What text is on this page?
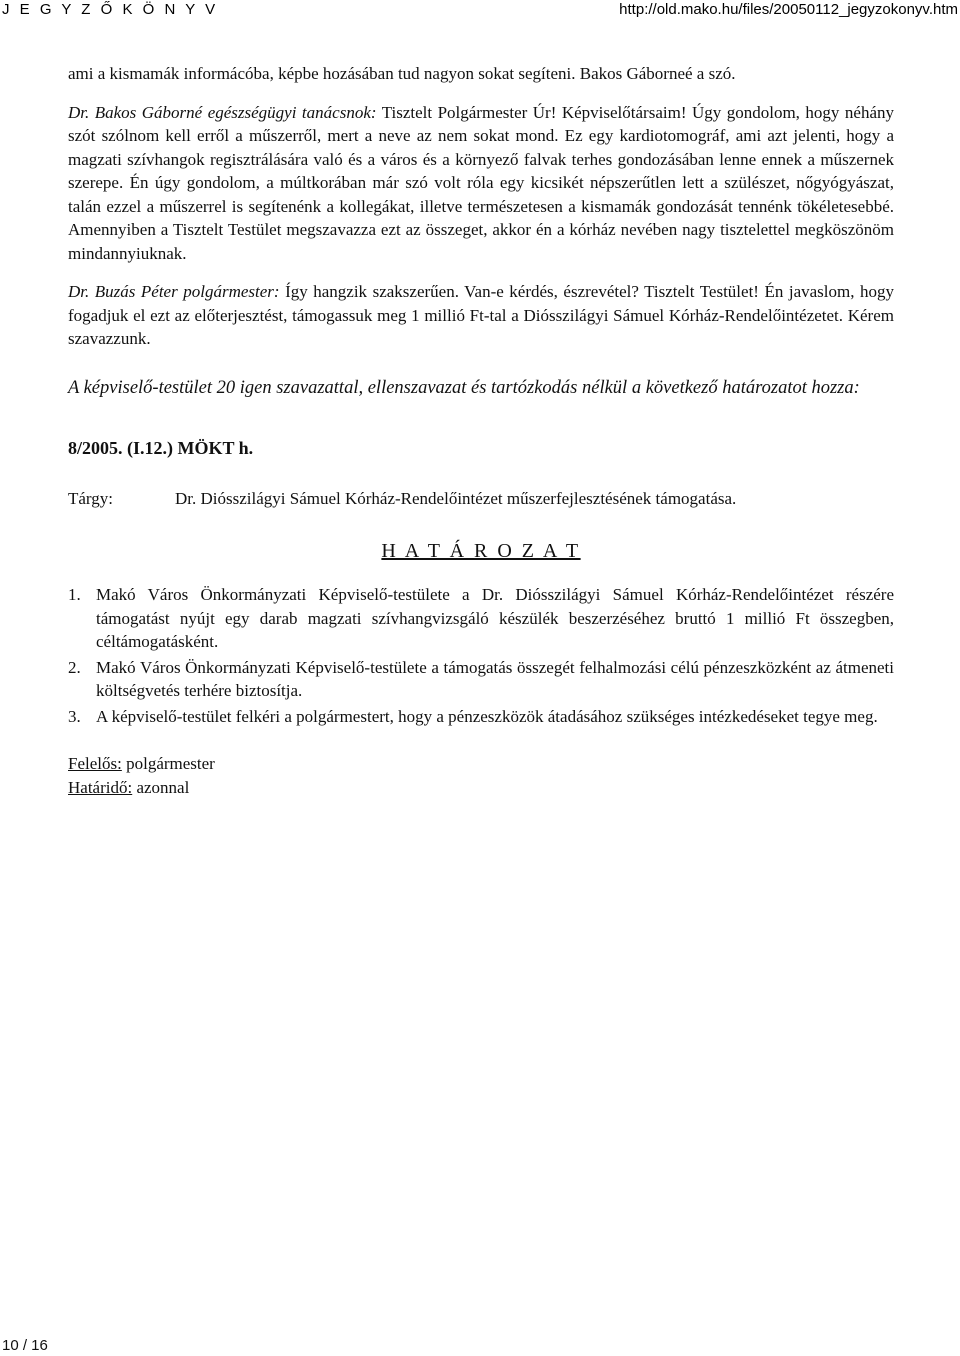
J E G Y Z Ő K Ö N Y V	http://old.mako.hu/files/20050112_jegyzokonyv.htm

ami a kismamák informácóba, képbe hozásában tud nagyon sokat segíteni. Bakos Gáborneé a szó.

Dr. Bakos Gáborné egészségügyi tanácsnok: Tisztelt Polgármester Úr! Képviselőtársaim! Úgy gondolom, hogy néhány szót szólnom kell erről a műszerről, mert a neve az nem sokat mond. Ez egy kardiotomográf, ami azt jelenti, hogy a magzati szívhangok regisztrálására való és a város és a környező falvak terhes gondozásában lenne ennek a műszernek szerepe. Én úgy gondolom, a múltkorában már szó volt róla egy kicsikét népszerűtlen lett a szülészet, nőgyógyászat, talán ezzel a műszerrel is segítenénk a kollegákat, illetve természetesen a kismamák gondozását tennénk tökéletesebbé. Amennyiben a Tisztelt Testület megszavazza ezt az összeget, akkor én a kórház nevében nagy tisztelettel megköszönöm mindannyiuknak.

Dr. Buzás Péter polgármester: Így hangzik szakszerűen. Van-e kérdés, észrevétel? Tisztelt Testület! Én javaslom, hogy fogadjuk el ezt az előterjesztést, támogassuk meg 1 millió Ft-tal a Diósszilágyi Sámuel Kórház-Rendelőintézetet. Kérem szavazzunk.

A képviselő-testület 20 igen szavazattal, ellenszavazat és tartózkodás nélkül a következő határozatot hozza:

8/2005. (I.12.) MÖKT h.
Tárgy:	Dr. Diósszilágyi Sámuel Kórház-Rendelőintézet műszerfejlesztésének támogatása.
H A T Á R O Z A T
1. Makó Város Önkormányzati Képviselő-testülete a Dr. Diósszilágyi Sámuel Kórház-Rendelőintézet részére támogatást nyújt egy darab magzati szívhangvizsgáló készülék beszerzéséhez bruttó 1 millió Ft összegben, céltámogatásként.
2. Makó Város Önkormányzati Képviselő-testülete a támogatás összegét felhalmozási célú pénzeszközként az átmeneti költségvetés terhére biztosítja.
3. A képviselő-testület felkéri a polgármestert, hogy a pénzeszközök átadásához szükséges intézkedéseket tegye meg.
Felelős: polgármester
Határidő: azonnal
10 / 16
